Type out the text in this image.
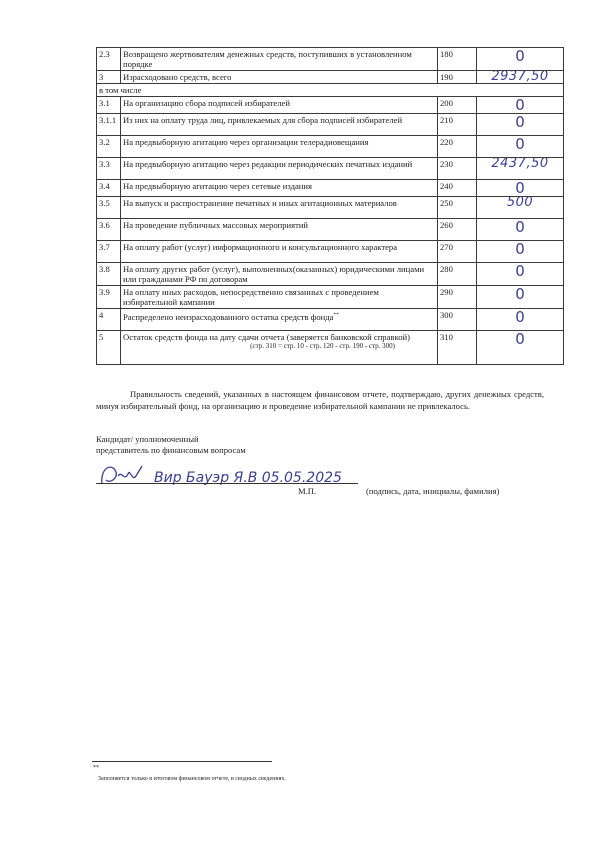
2.3	Возвращено жертвователям денежных средств, поступивших в установленном порядке	180	0

3	Израсходовано средств, всего	190	2937,50

в том числе			
3.1	На организацию сбора подписей избирателей	200	0

3.1.1	Из них на оплату труда лиц, привлекаемых для сбора подписей избирателей	210	0

3.2	На предвыборную агитацию через организации телерадиовещания	220	0

3.3	На предвыборную агитацию через редакции периодических печатных изданий	230	2437,50

3.4	На предвыборную агитацию через сетевые издания	240	0

3.5	На выпуск и распространение печатных и иных агитационных материалов	250	500

3.6	На проведение публичных массовых мероприятий	260	0

3.7	На оплату работ (услуг) информационного и консультационного характера	270	0

3.8	На оплату других работ (услуг), выполненных(оказанных) юридическими лицами или гражданами РФ по договорам	280	0

3.9	На оплату иных расходов, непосредственно связанных с проведением избирательной кампании	290	0

4	Распределено неизрасходованного остатка средств фонда**	300	0

5	Остаток средств фонда на дату сдачи отчета (заверяется банковской справкой)
(стр. 310 = стр. 10 - стр. 120 - стр. 190 - стр. 300)	310	0
Правильность сведений, указанных в настоящем финансовом отчете, подтверждаю, других денежных средств, минуя избирательный фонд, на организацию и проведение избирательной кампании не привлекалось.
Кандидат/ уполномоченный
представитель по финансовым вопросам
Вир Бауэр Я.В 05.05.2025
М.П.	(подпись, дата, инициалы, фамилия)
**
Заполняется только в итоговом финансовом отчете, в сводных сведениях.
